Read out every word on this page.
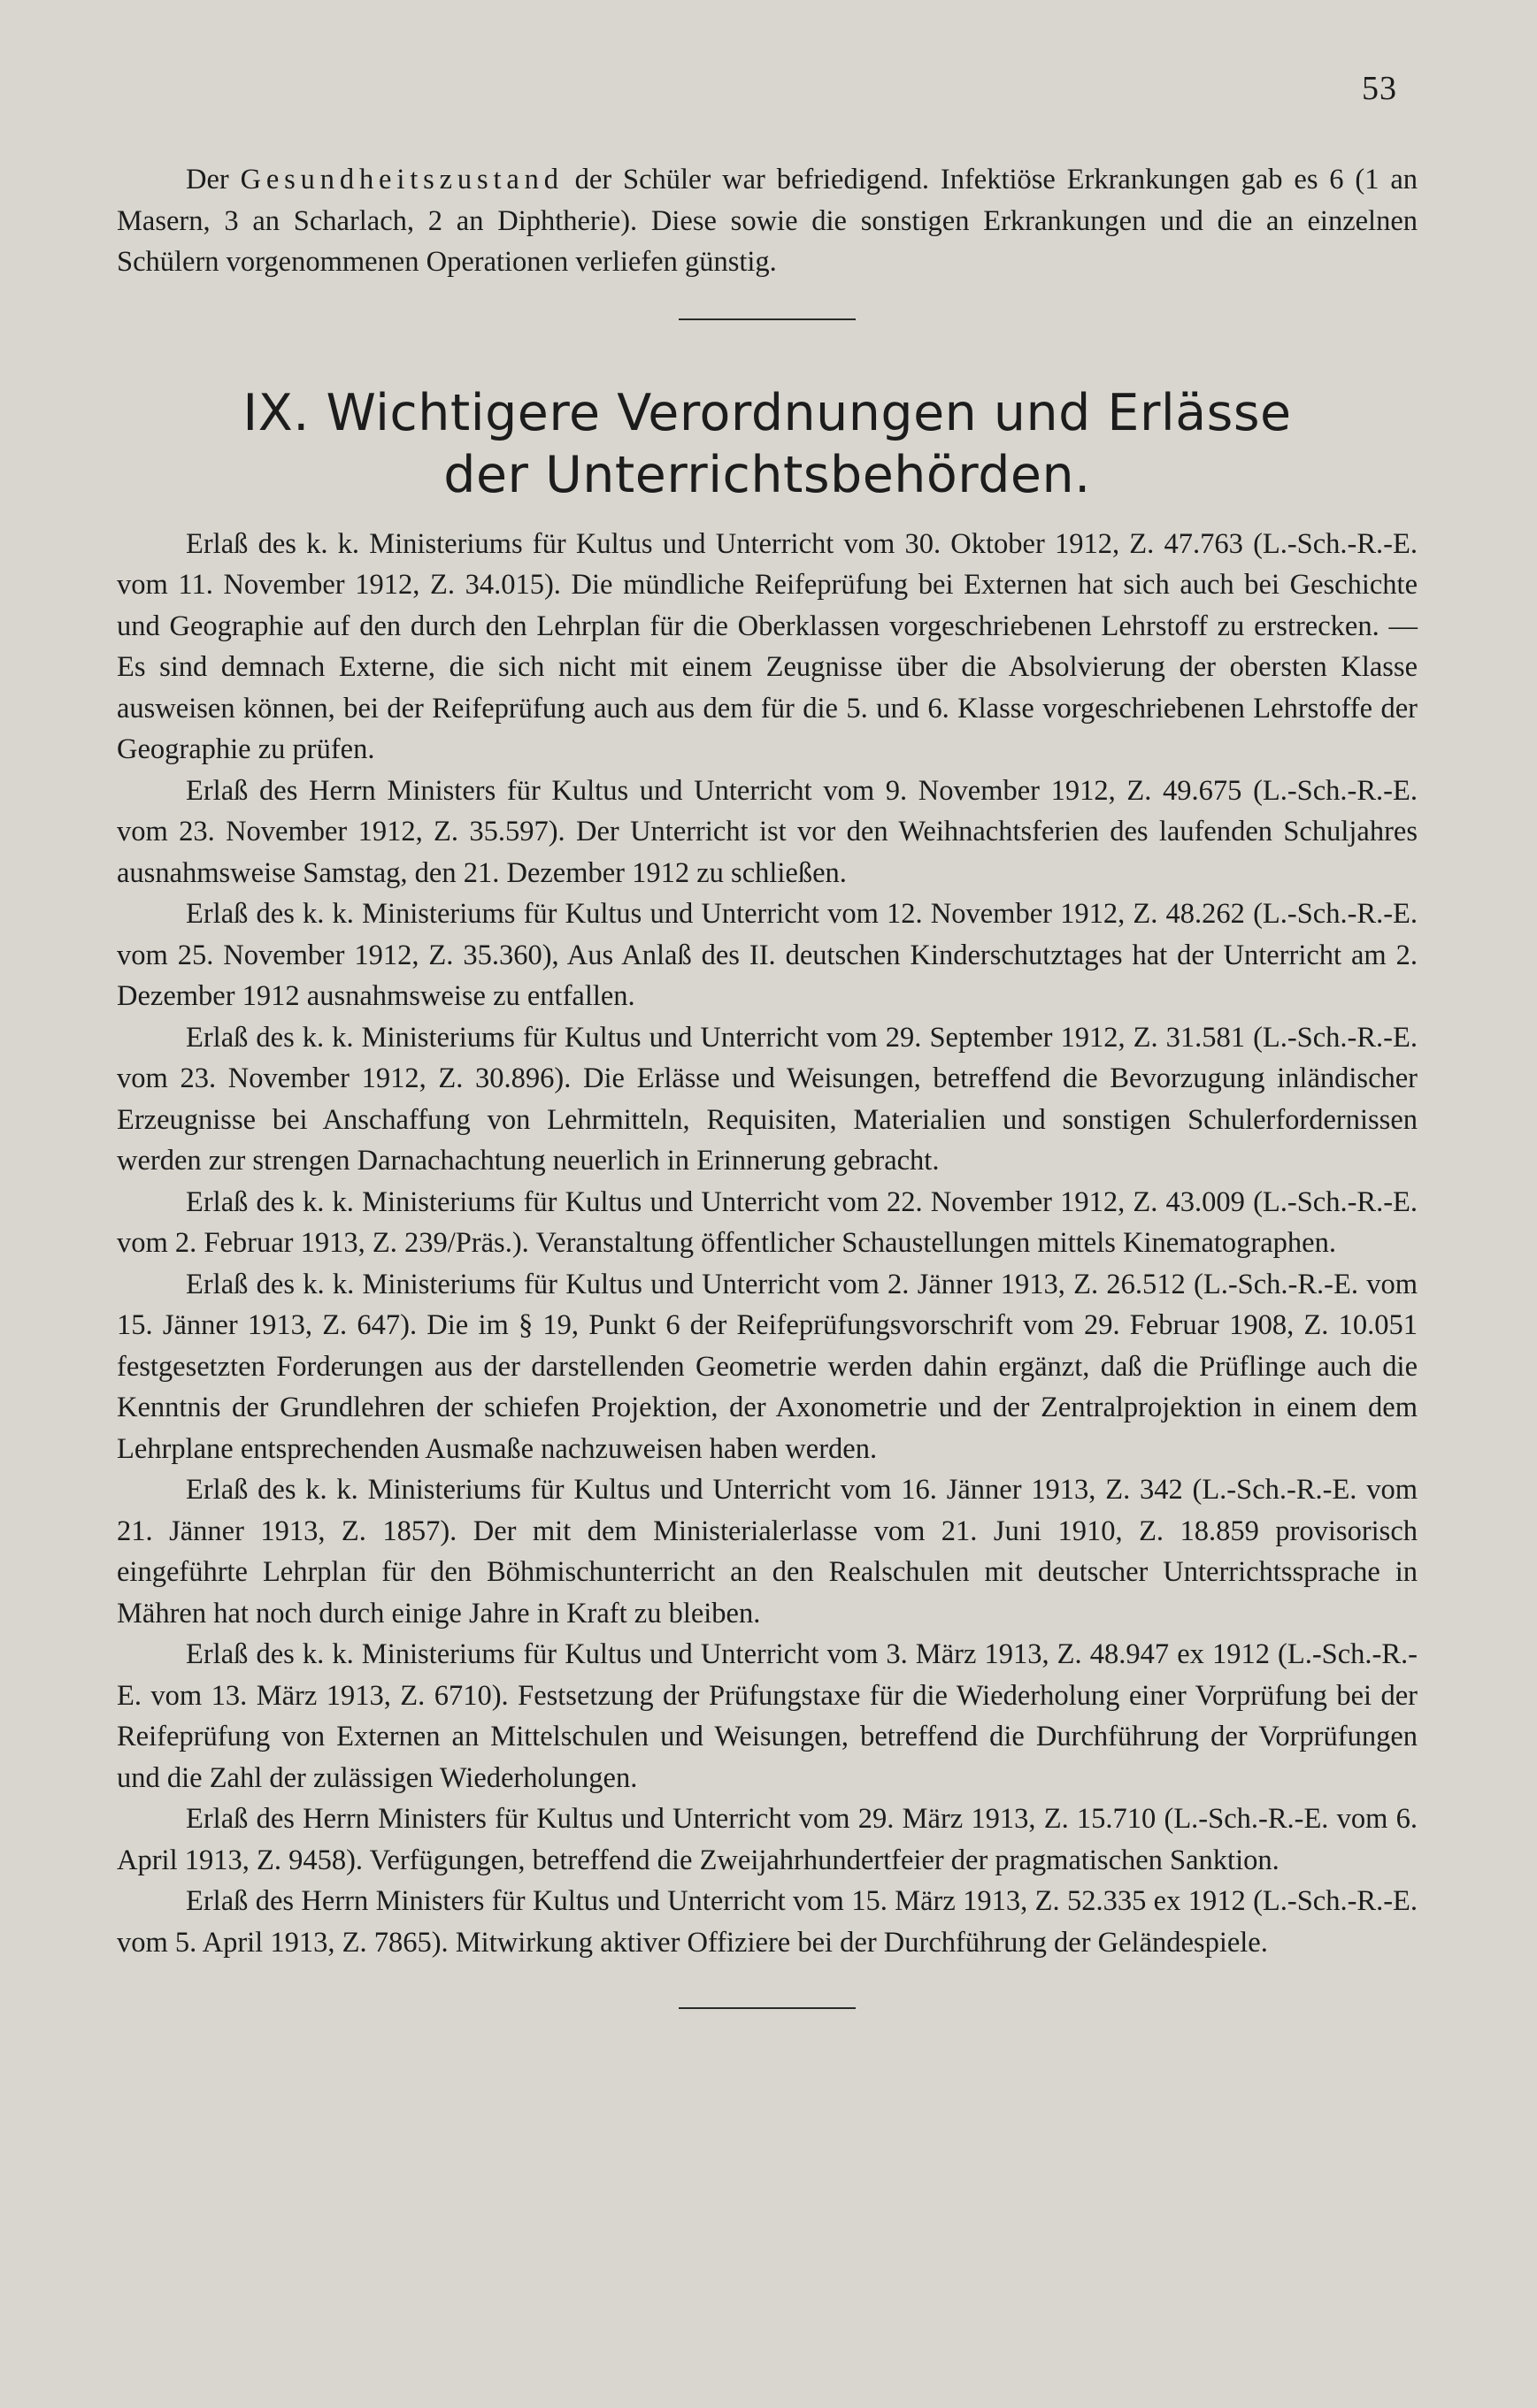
53

Der Gesundheitszustand der Schüler war befriedigend. Infektiöse Erkrankungen gab es 6 (1 an Masern, 3 an Scharlach, 2 an Diphtherie). Diese sowie die sonstigen Erkrankungen und die an einzelnen Schülern vorgenommenen Operationen verliefen günstig.

IX. Wichtigere Verordnungen und Erlässe
der Unterrichtsbehörden.

Erlaß des k. k. Ministeriums für Kultus und Unterricht vom 30. Oktober 1912, Z. 47.763 (L.-Sch.-R.-E. vom 11. November 1912, Z. 34.015). Die mündliche Reifeprüfung bei Externen hat sich auch bei Geschichte und Geographie auf den durch den Lehrplan für die Oberklassen vorgeschriebenen Lehrstoff zu erstrecken. — Es sind demnach Externe, die sich nicht mit einem Zeugnisse über die Absolvierung der obersten Klasse ausweisen können, bei der Reifeprüfung auch aus dem für die 5. und 6. Klasse vorgeschriebenen Lehrstoffe der Geographie zu prüfen.

Erlaß des Herrn Ministers für Kultus und Unterricht vom 9. November 1912, Z. 49.675 (L.-Sch.-R.-E. vom 23. November 1912, Z. 35.597). Der Unterricht ist vor den Weihnachtsferien des laufenden Schuljahres ausnahmsweise Samstag, den 21. Dezember 1912 zu schließen.

Erlaß des k. k. Ministeriums für Kultus und Unterricht vom 12. November 1912, Z. 48.262 (L.-Sch.-R.-E. vom 25. November 1912, Z. 35.360), Aus Anlaß des II. deutschen Kinderschutztages hat der Unterricht am 2. Dezember 1912 ausnahmsweise zu entfallen.

Erlaß des k. k. Ministeriums für Kultus und Unterricht vom 29. September 1912, Z. 31.581 (L.-Sch.-R.-E. vom 23. November 1912, Z. 30.896). Die Erlässe und Weisungen, betreffend die Bevorzugung inländischer Erzeugnisse bei Anschaffung von Lehrmitteln, Requisiten, Materialien und sonstigen Schulerfordernissen werden zur strengen Darnachachtung neuerlich in Erinnerung gebracht.

Erlaß des k. k. Ministeriums für Kultus und Unterricht vom 22. November 1912, Z. 43.009 (L.-Sch.-R.-E. vom 2. Februar 1913, Z. 239/Präs.). Veranstaltung öffentlicher Schaustellungen mittels Kinematographen.

Erlaß des k. k. Ministeriums für Kultus und Unterricht vom 2. Jänner 1913, Z. 26.512 (L.-Sch.-R.-E. vom 15. Jänner 1913, Z. 647). Die im § 19, Punkt 6 der Reifeprüfungsvorschrift vom 29. Februar 1908, Z. 10.051 festgesetzten Forderungen aus der darstellenden Geometrie werden dahin ergänzt, daß die Prüflinge auch die Kenntnis der Grundlehren der schiefen Projektion, der Axonometrie und der Zentralprojektion in einem dem Lehrplane entsprechenden Ausmaße nachzuweisen haben werden.

Erlaß des k. k. Ministeriums für Kultus und Unterricht vom 16. Jänner 1913, Z. 342 (L.-Sch.-R.-E. vom 21. Jänner 1913, Z. 1857). Der mit dem Ministerialerlasse vom 21. Juni 1910, Z. 18.859 provisorisch eingeführte Lehrplan für den Böhmischunterricht an den Realschulen mit deutscher Unterrichtssprache in Mähren hat noch durch einige Jahre in Kraft zu bleiben.

Erlaß des k. k. Ministeriums für Kultus und Unterricht vom 3. März 1913, Z. 48.947 ex 1912 (L.-Sch.-R.-E. vom 13. März 1913, Z. 6710). Festsetzung der Prüfungstaxe für die Wiederholung einer Vorprüfung bei der Reifeprüfung von Externen an Mittelschulen und Weisungen, betreffend die Durchführung der Vorprüfungen und die Zahl der zulässigen Wiederholungen.

Erlaß des Herrn Ministers für Kultus und Unterricht vom 29. März 1913, Z. 15.710 (L.-Sch.-R.-E. vom 6. April 1913, Z. 9458). Verfügungen, betreffend die Zweijahrhundertfeier der pragmatischen Sanktion.

Erlaß des Herrn Ministers für Kultus und Unterricht vom 15. März 1913, Z. 52.335 ex 1912 (L.-Sch.-R.-E. vom 5. April 1913, Z. 7865). Mitwirkung aktiver Offiziere bei der Durchführung der Geländespiele.
